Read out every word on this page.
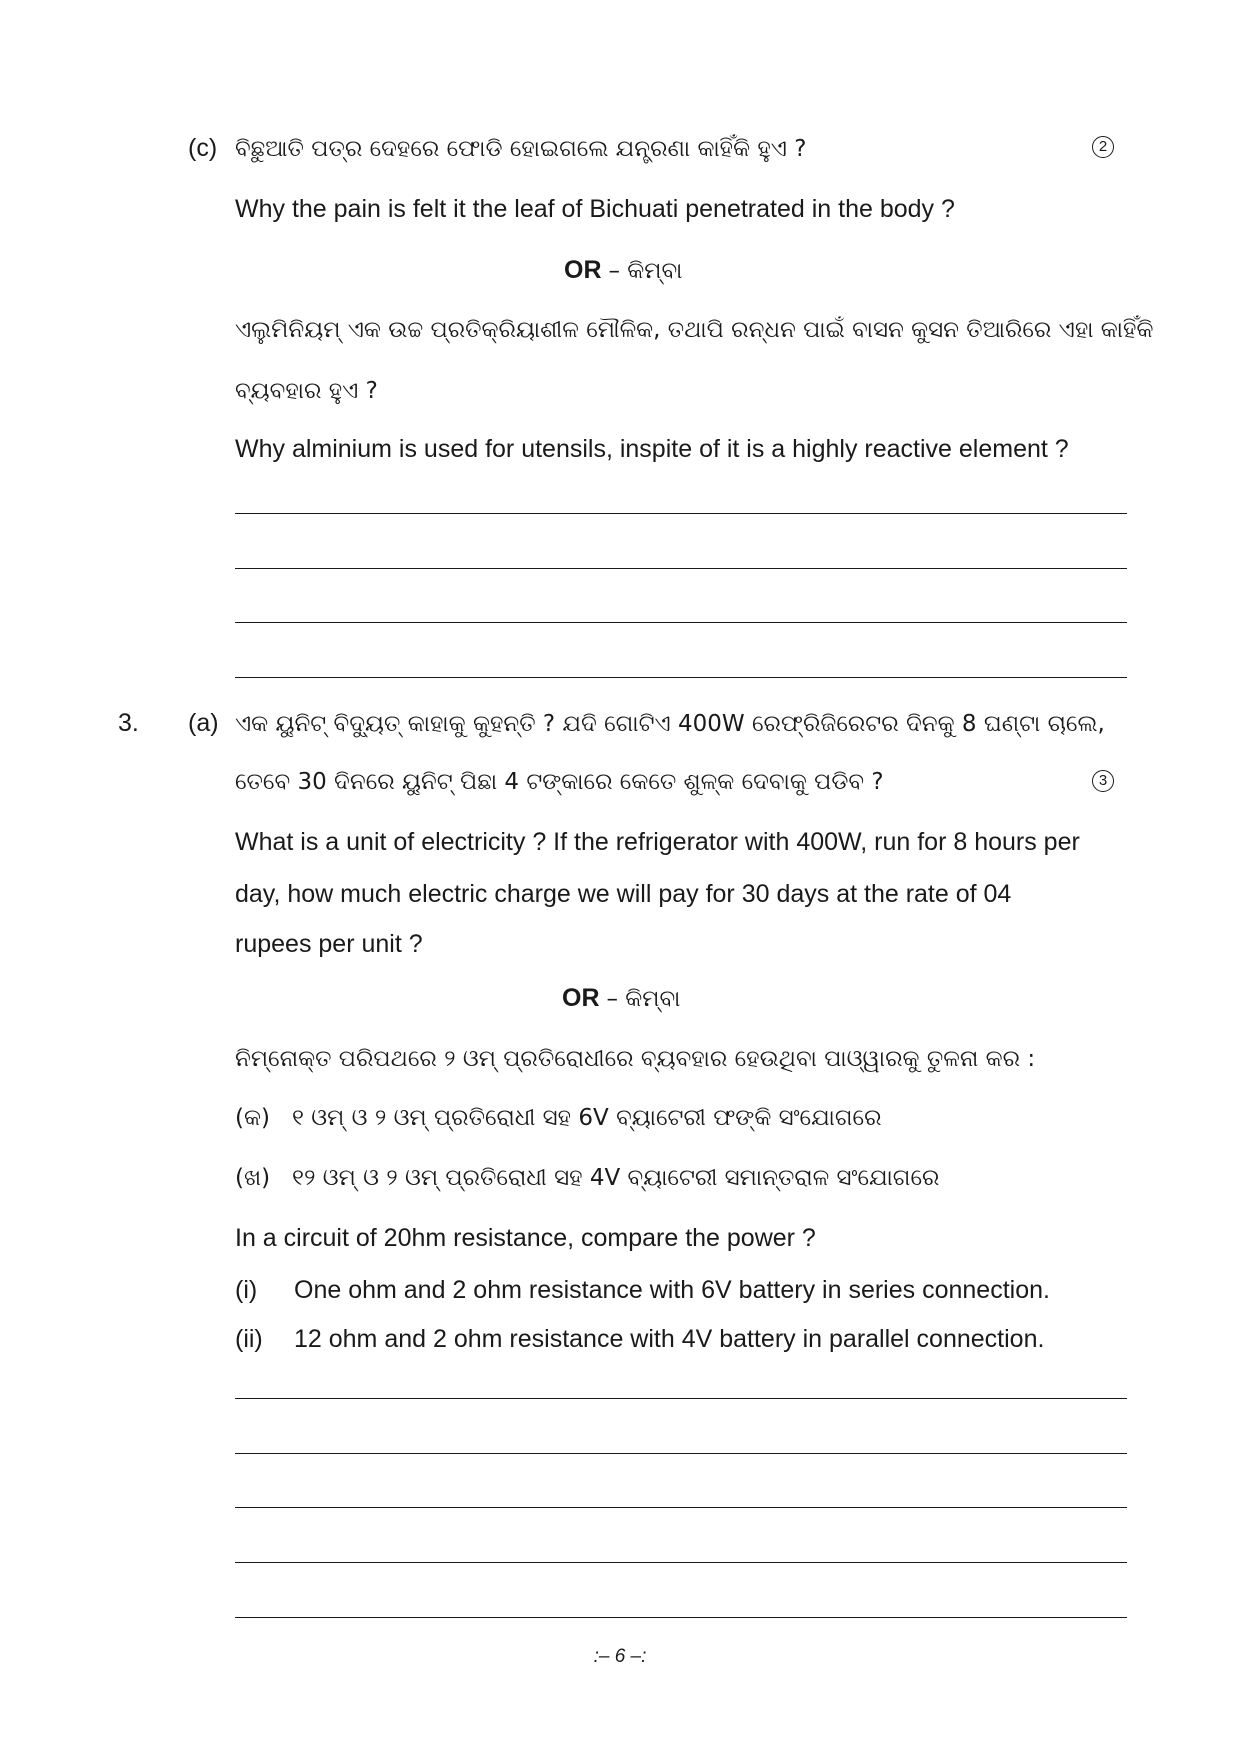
(c) ବିଛୁଆତି ପତ୍ର ଦେହରେ ଫୋଡି ହୋଇଗଲେ ଯନ୍ତ୍ରଣା କାହିଁକି ହୁଏ ?	2
Why the pain is felt it the leaf of Bichuati penetrated in the body ?
OR – କିମ୍ବା
ଏଲୁମିନିୟମ୍ ଏକ ଉଚ୍ଚ ପ୍ରତିକ୍ରିୟାଶୀଳ ମୌଳିକ, ତଥାପି ରନ୍ଧନ ପାଇଁ ବାସନ କୁସନ ତିଆରିରେ ଏହା କାହିଁକି
ବ୍ୟବହାର ହୁଏ ?
Why alminium is used for utensils, inspite of it is a highly reactive element ?
3. (a) ଏକ ୟୁନିଟ୍ ବିଦ୍ୟୁତ୍ କାହାକୁ କୁହନ୍ତି ? ଯଦି ଗୋଟିଏ 400W ରେଫ୍ରିଜିରେଟର ଦିନକୁ 8 ଘଣ୍ଟା ଚାଲେ,
ତେବେ 30 ଦିନରେ ୟୁନିଟ୍ ପିଛା 4 ଟଙ୍କାରେ କେତେ ଶୁଳ୍କ ଦେବାକୁ ପଡିବ ?	3
What is a unit of electricity ? If the refrigerator with 400W, run for 8 hours per
day, how much electric charge we will pay for 30 days at the rate of 04
rupees per unit ?
OR – କିମ୍ବା
ନିମ୍ନୋକ୍ତ ପରିପଥରେ ୨ ଓମ୍ ପ୍ରତିରୋଧୀରେ ବ୍ୟବହାର ହେଉଥିବା ପାଓ୍ୱାରକୁ ତୁଳନା କର :
(କ) ୧ ଓମ୍ ଓ ୨ ଓମ୍ ପ୍ରତିରୋଧୀ ସହ 6V ବ୍ୟାଟେରୀ ଫଙ୍କି ସଂଯୋଗରେ
(ଖ) ୧୨ ଓମ୍ ଓ ୨ ଓମ୍ ପ୍ରତିରୋଧୀ ସହ 4V ବ୍ୟାଟେରୀ ସମାନ୍ତରାଳ ସଂଯୋଗରେ
In a circuit of 20hm resistance, compare the power ?
(i) One ohm and 2 ohm resistance with 6V battery in series connection.
(ii) 12 ohm and 2 ohm resistance with 4V battery in parallel connection.
:– 6 –:
